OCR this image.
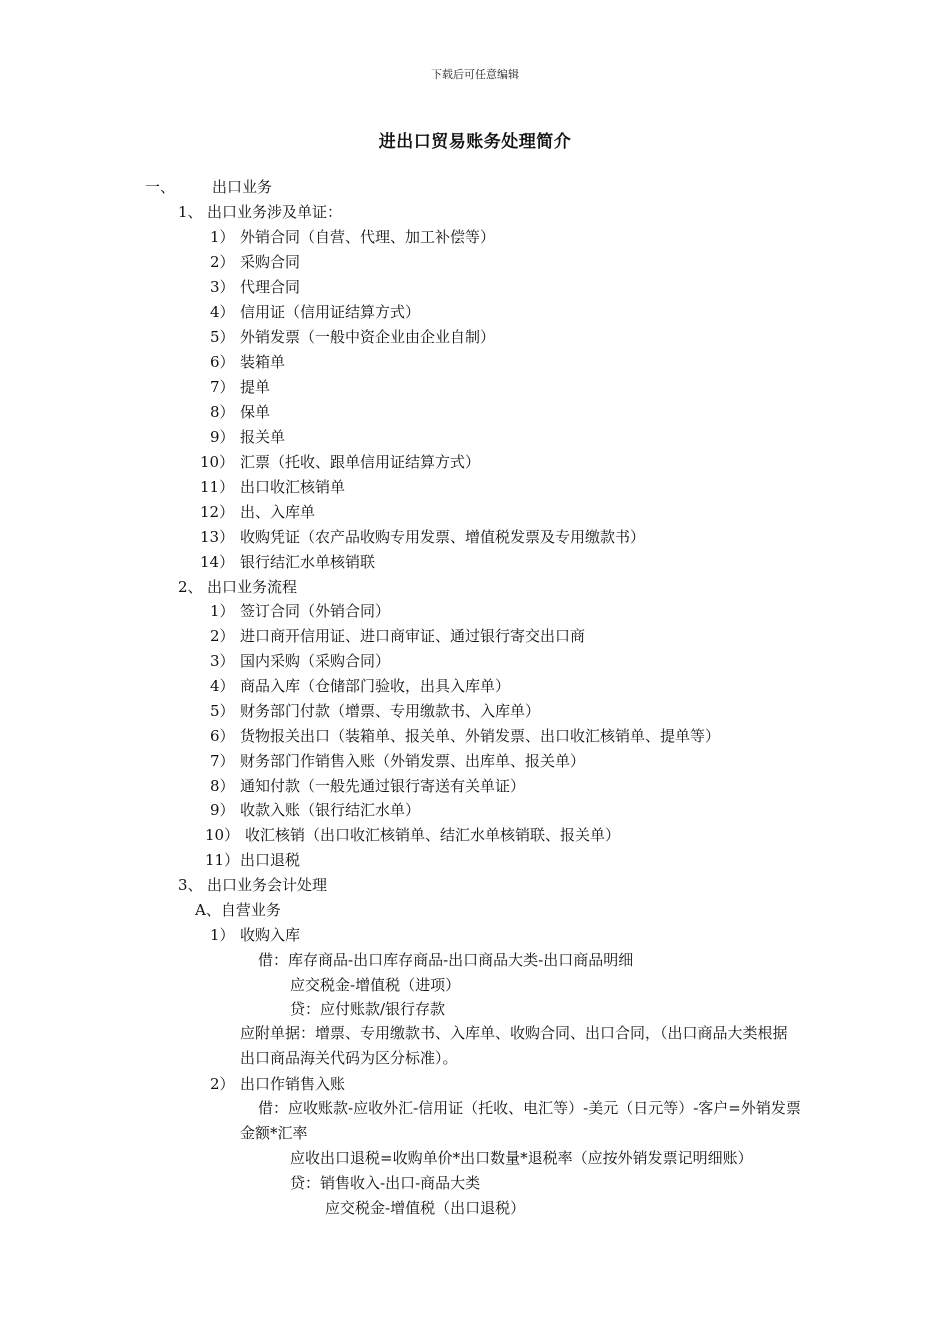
下载后可任意编辑
进出口贸易账务处理简介
一、 出口业务
1、 出口业务涉及单证：
1） 外销合同（自营、代理、加工补偿等）
2） 采购合同
3） 代理合同
4） 信用证（信用证结算方式）
5） 外销发票（一般中资企业由企业自制）
6） 装箱单
7） 提单
8） 保单
9） 报关单
10） 汇票（托收、跟单信用证结算方式）
11） 出口收汇核销单
12） 出、入库单
13） 收购凭证（农产品收购专用发票、增值税发票及专用缴款书）
14） 银行结汇水单核销联
2、 出口业务流程
1） 签订合同（外销合同）
2） 进口商开信用证、进口商审证、通过银行寄交出口商
3） 国内采购（采购合同）
4） 商品入库（仓储部门验收，出具入库单）
5） 财务部门付款（增票、专用缴款书、入库单）
6） 货物报关出口（装箱单、报关单、外销发票、出口收汇核销单、提单等）
7） 财务部门作销售入账（外销发票、出库单、报关单）
8） 通知付款（一般先通过银行寄送有关单证）
9） 收款入账（银行结汇水单）
10） 收汇核销（出口收汇核销单、结汇水单核销联、报关单）
11）出口退税
3、 出口业务会计处理
A、自营业务
1） 收购入库
借：库存商品-出口库存商品-出口商品大类-出口商品明细
应交税金-增值税（进项）
贷：应付账款/银行存款
应附单据：增票、专用缴款书、入库单、收购合同、出口合同，（出口商品大类根据出口商品海关代码为区分标准）。
2） 出口作销售入账
借：应收账款-应收外汇-信用证（托收、电汇等）-美元（日元等）-客户=外销发票金额*汇率
应收出口退税=收购单价*出口数量*退税率（应按外销发票记明细账）
贷：销售收入-出口-商品大类
应交税金-增值税（出口退税）
